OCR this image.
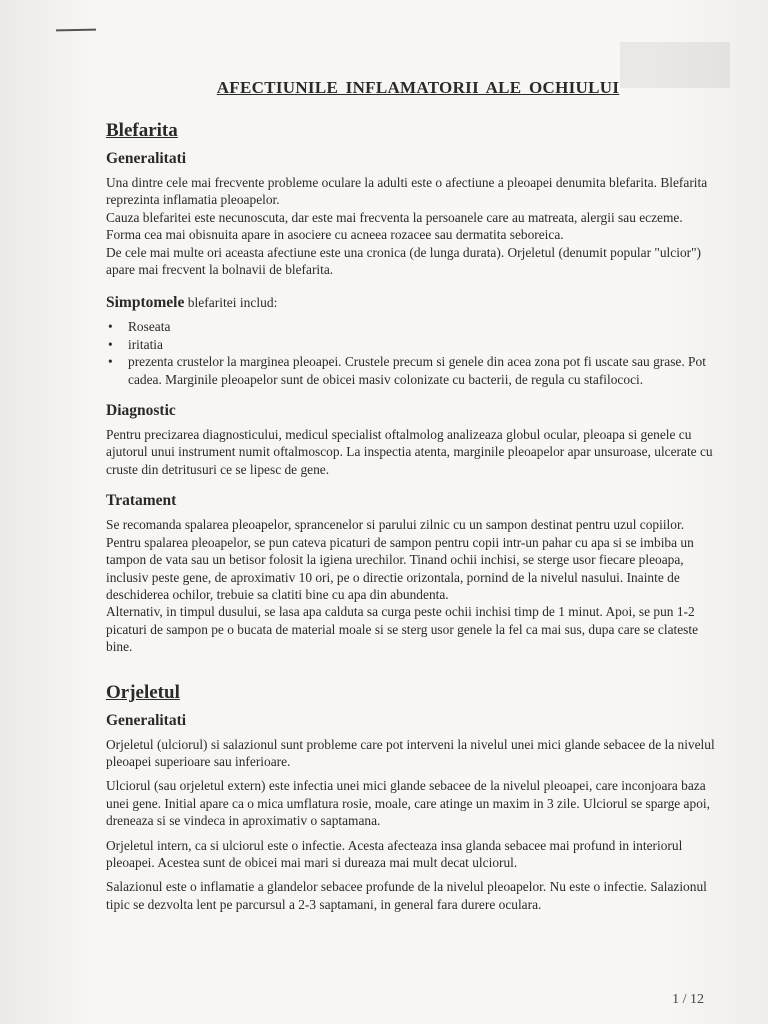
AFECTIUNILE INFLAMATORII ALE OCHIULUI
Blefarita
Generalitati

Una dintre cele mai frecvente probleme oculare la adulti este o afectiune a pleoapei denumita blefarita. Blefarita reprezinta inflamatia pleoapelor.

Cauza blefaritei este necunoscuta, dar este mai frecventa la persoanele care au matreata, alergii sau eczeme. Forma cea mai obisnuita apare in asociere cu acneea rozacee sau dermatita seboreica.

De cele mai multe ori aceasta afectiune este una cronica (de lunga durata). Orjeletul (denumit popular "ulcior") apare mai frecvent la bolnavii de blefarita.

Simptomele blefaritei includ:
• Roseata
• iritatia
• prezenta crustelor la marginea pleoapei. Crustele precum si genele din acea zona pot fi uscate sau grase. Pot cadea. Marginile pleoapelor sunt de obicei masiv colonizate cu bacterii, de regula cu stafilococi.
Diagnostic

Pentru precizarea diagnosticului, medicul specialist oftalmolog analizeaza globul ocular, pleoapa si genele cu ajutorul unui instrument numit oftalmoscop. La inspectia atenta, marginile pleoapelor apar unsuroase, ulcerate cu cruste din detritusuri ce se lipesc de gene.

Tratament

Se recomanda spalarea pleoapelor, sprancenelor si parului zilnic cu un sampon destinat pentru uzul copiilor. Pentru spalarea pleoapelor, se pun cateva picaturi de sampon pentru copii intr-un pahar cu apa si se imbiba un tampon de vata sau un betisor folosit la igiena urechilor. Tinand ochii inchisi, se sterge usor fiecare pleoapa, inclusiv peste gene, de aproximativ 10 ori, pe o directie orizontala, pornind de la nivelul nasului. Inainte de deschiderea ochilor, trebuie sa clatiti bine cu apa din abundenta.

Alternativ, in timpul dusului, se lasa apa calduta sa curga peste ochii inchisi timp de 1 minut. Apoi, se pun 1-2 picaturi de sampon pe o bucata de material moale si se sterg usor genele la fel ca mai sus, dupa care se clateste bine.

Orjeletul
Generalitati

Orjeletul (ulciorul) si salazionul sunt probleme care pot interveni la nivelul unei mici glande sebacee de la nivelul pleoapei superioare sau inferioare.

Ulciorul (sau orjeletul extern) este infectia unei mici glande sebacee de la nivelul pleoapei, care inconjoara baza unei gene. Initial apare ca o mica umflatura rosie, moale, care atinge un maxim in 3 zile. Ulciorul se sparge apoi, dreneaza si se vindeca in aproximativ o saptamana.

Orjeletul intern, ca si ulciorul este o infectie. Acesta afecteaza insa glanda sebacee mai profund in interiorul pleoapei. Acestea sunt de obicei mai mari si dureaza mai mult decat ulciorul.

Salazionul este o inflamatie a glandelor sebacee profunde de la nivelul pleoapelor. Nu este o infectie. Salazionul tipic se dezvolta lent pe parcursul a 2-3 saptamani, in general fara durere oculara.

1 / 12
